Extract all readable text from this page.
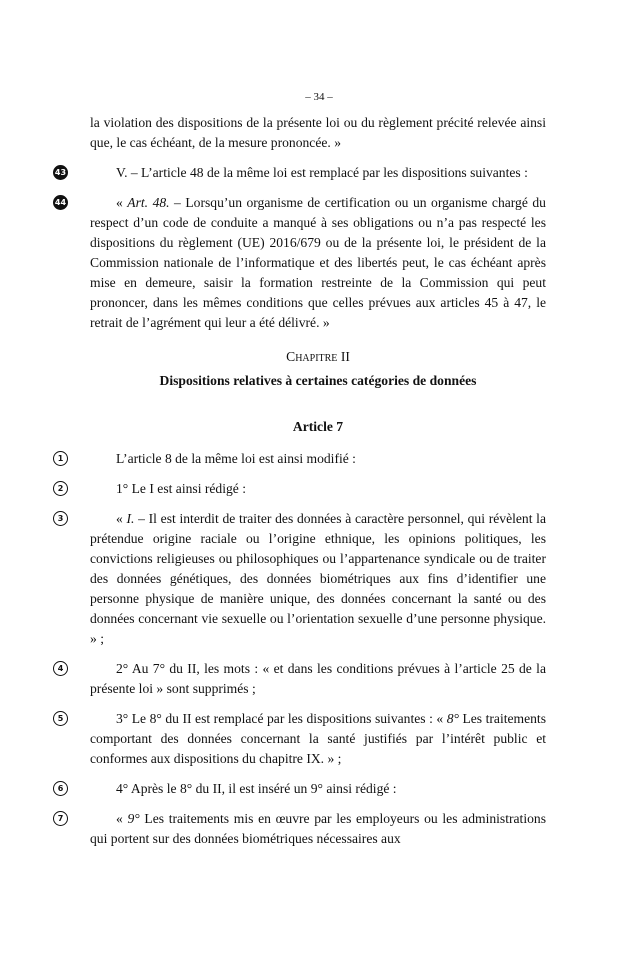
– 34 –

la violation des dispositions de la présente loi ou du règlement précité relevée ainsi que, le cas échéant, de la mesure prononcée. »

43	V. – L’article 48 de la même loi est remplacé par les dispositions suivantes :

44	« Art. 48. – Lorsqu’un organisme de certification ou un organisme chargé du respect d’un code de conduite a manqué à ses obligations ou n’a pas respecté les dispositions du règlement (UE) 2016/679 ou de la présente loi, le président de la Commission nationale de l’informatique et des libertés peut, le cas échéant après mise en demeure, saisir la formation restreinte de la Commission qui peut prononcer, dans les mêmes conditions que celles prévues aux articles 45 à 47, le retrait de l’agrément qui leur a été délivré. »

Chapitre II
Dispositions relatives à certaines catégories de données
Article 7

1	L’article 8 de la même loi est ainsi modifié :

2	1° Le I est ainsi rédigé :

3	« I. – Il est interdit de traiter des données à caractère personnel, qui révèlent la prétendue origine raciale ou l’origine ethnique, les opinions politiques, les convictions religieuses ou philosophiques ou l’appartenance syndicale ou de traiter des données génétiques, des données biométriques aux fins d’identifier une personne physique de manière unique, des données concernant la santé ou des données concernant vie sexuelle ou l’orientation sexuelle d’une personne physique. » ;

4	2° Au 7° du II, les mots : « et dans les conditions prévues à l’article 25 de la présente loi » sont supprimés ;

5	3° Le 8° du II est remplacé par les dispositions suivantes : « 8° Les traitements comportant des données concernant la santé justifiés par l’intérêt public et conformes aux dispositions du chapitre IX. » ;

6	4° Après le 8° du II, il est inséré un 9° ainsi rédigé :

7	« 9° Les traitements mis en œuvre par les employeurs ou les administrations qui portent sur des données biométriques nécessaires aux
